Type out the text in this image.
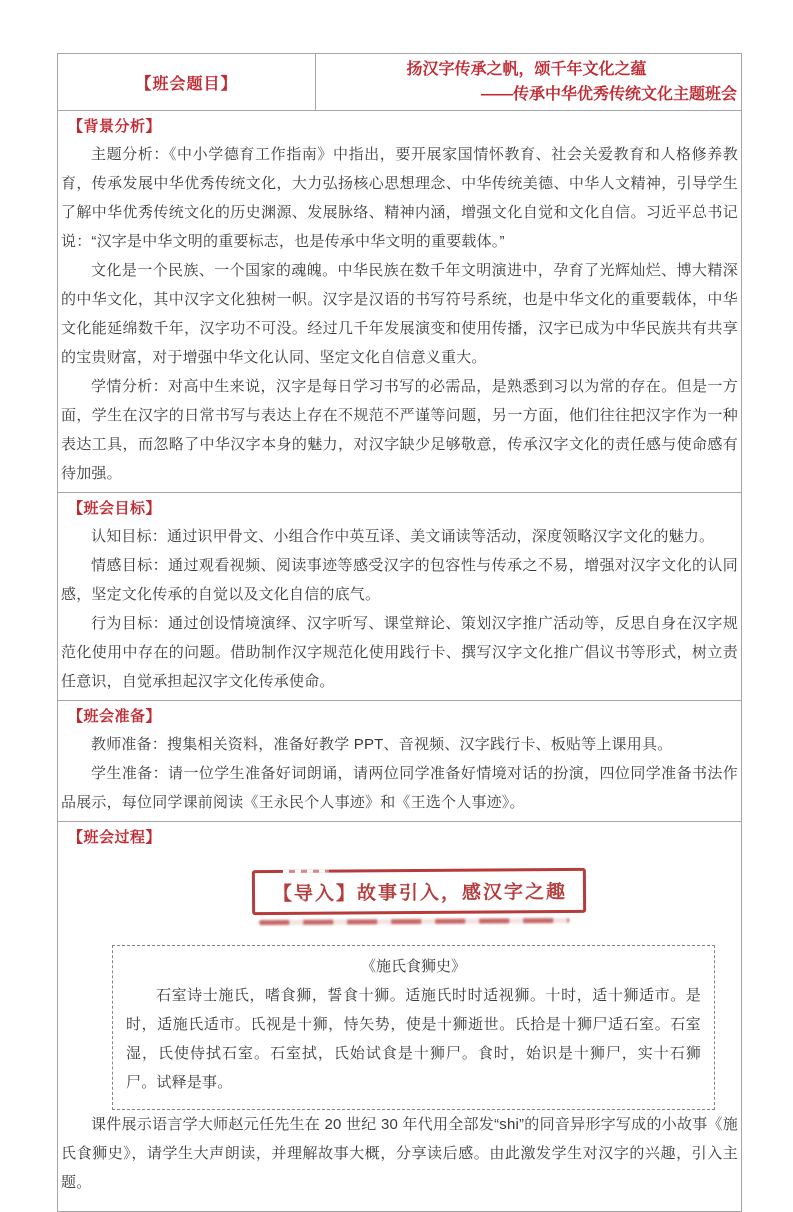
【班会题目】
扬汉字传承之帆，颂千年文化之蕴
——传承中华优秀传统文化主题班会
【背景分析】

主题分析：《中小学德育工作指南》中指出，要开展家国情怀教育、社会关爱教育和人格修养教育，传承发展中华优秀传统文化，大力弘扬核心思想理念、中华传统美德、中华人文精神，引导学生了解中华优秀传统文化的历史渊源、发展脉络、精神内涵，增强文化自觉和文化自信。习近平总书记说：“汉字是中华文明的重要标志，也是传承中华文明的重要载体。”

文化是一个民族、一个国家的魂魄。中华民族在数千年文明演进中，孕育了光辉灿烂、博大精深的中华文化，其中汉字文化独树一帜。汉字是汉语的书写符号系统，也是中华文化的重要载体，中华文化能延绵数千年，汉字功不可没。经过几千年发展演变和使用传播，汉字已成为中华民族共有共享的宝贵财富，对于增强中华文化认同、坚定文化自信意义重大。

学情分析：对高中生来说，汉字是每日学习书写的必需品，是熟悉到习以为常的存在。但是一方面，学生在汉字的日常书写与表达上存在不规范不严谨等问题，另一方面，他们往往把汉字作为一种表达工具，而忽略了中华汉字本身的魅力，对汉字缺少足够敬意，传承汉字文化的责任感与使命感有待加强。

【班会目标】

认知目标：通过识甲骨文、小组合作中英互译、美文诵读等活动，深度领略汉字文化的魅力。

情感目标：通过观看视频、阅读事迹等感受汉字的包容性与传承之不易，增强对汉字文化的认同感，坚定文化传承的自觉以及文化自信的底气。

行为目标：通过创设情境演绎、汉字听写、课堂辩论、策划汉字推广活动等，反思自身在汉字规范化使用中存在的问题。借助制作汉字规范化使用践行卡、撰写汉字文化推广倡议书等形式，树立责任意识，自觉承担起汉字文化传承使命。

【班会准备】

教师准备：搜集相关资料，准备好教学 PPT、音视频、汉字践行卡、板贴等上课用具。

学生准备：请一位学生准备好词朗诵，请两位同学准备好情境对话的扮演，四位同学准备书法作品展示，每位同学课前阅读《王永民个人事迹》和《王选个人事迹》。

【班会过程】
【导入】故事引入，感汉字之趣
《施氏食狮史》

石室诗士施氏，嗜食狮，誓食十狮。适施氏时时适视狮。十时，适十狮适市。是时，适施氏适市。氏视是十狮，恃矢势，使是十狮逝世。氏拾是十狮尸适石室。石室湿，氏使侍拭石室。石室拭，氏始试食是十狮尸。食时，始识是十狮尸，实十石狮尸。试释是事。

课件展示语言学大师赵元任先生在 20 世纪 30 年代用全部发“shi”的同音异形字写成的小故事《施氏食狮史》，请学生大声朗读，并理解故事大概，分享读后感。由此激发学生对汉字的兴趣，引入主题。
